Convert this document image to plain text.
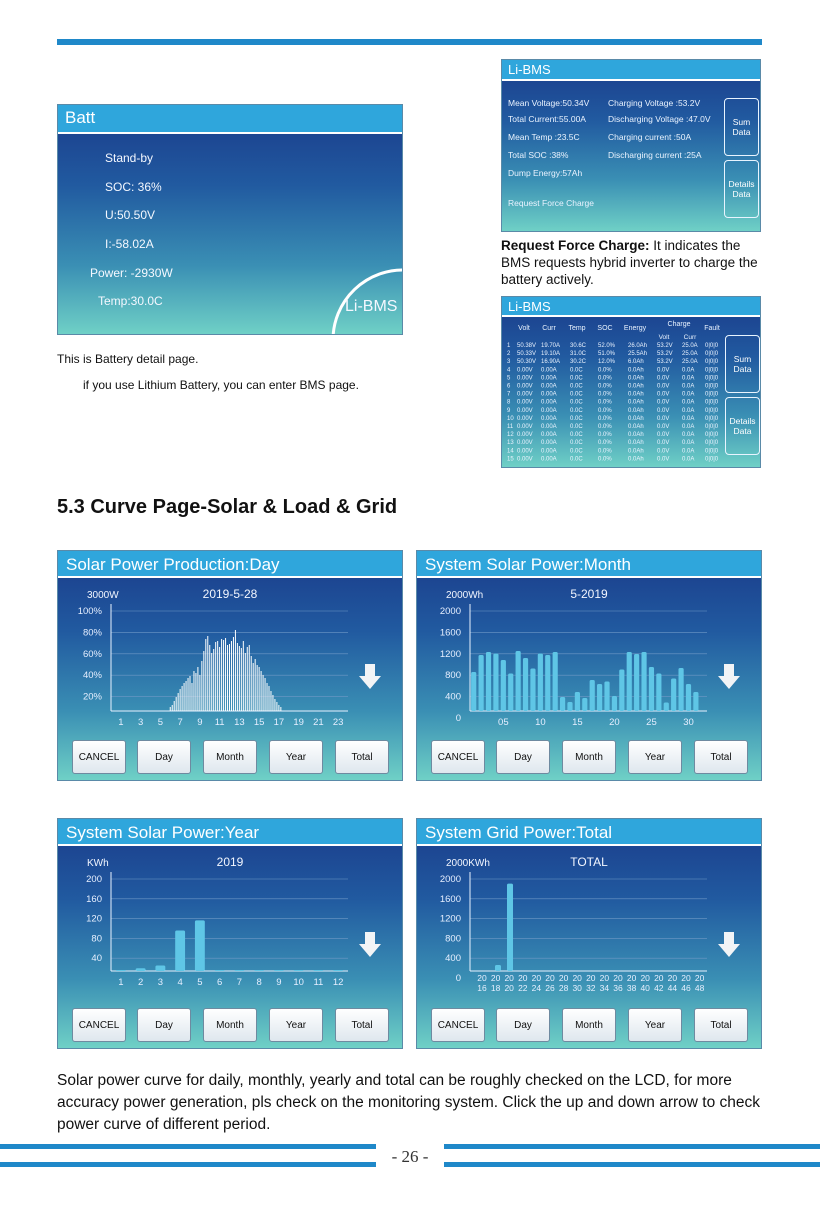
Batt
Stand-by
SOC: 36%
U:50.50V
I:-58.02A
Power: -2930W
Temp:30.0C	Li-BMS
This is Battery detail page.
if you use Lithium Battery, you can enter BMS page.
Li-BMS
Mean Voltage:50.34V
Total Current:55.00A
Mean Temp :23.5C
Total SOC :38%
Dump Energy:57Ah
Charging Voltage :53.2V
Discharging Voltage :47.0V
Charging current :50A
Discharging current :25A
Request Force Charge
Sum Data
Details Data
Request Force Charge: It indicates the BMS requests hybrid inverter to charge the battery actively.
Li-BMS
Volt Curr Temp SOC Energy
Charge
Fault
Volt Curr
1 50.38V 19.70A 30.6C 52.0% 26.0Ah 53.2V 25.0A 0|0|0
2 50.33V 19.10A 31.0C 51.0% 25.5Ah 53.2V 25.0A 0|0|0
3 50.30V 16.90A 30.2C 12.0% 6.0Ah 53.2V 25.0A 0|0|0
4 0.00V 0.00A 0.0C	0.0%	0.0Ah 0.0V 0.0A 0|0|0
5 0.00V 0.00A 0.0C	0.0%	0.0Ah 0.0V 0.0A 0|0|0
6 0.00V 0.00A 0.0C	0.0%	0.0Ah 0.0V 0.0A 0|0|0
7 0.00V 0.00A 0.0C	0.0%	0.0Ah 0.0V 0.0A 0|0|0
8 0.00V 0.00A 0.0C	0.0%	0.0Ah 0.0V 0.0A 0|0|0
9 0.00V 0.00A 0.0C	0.0%	0.0Ah 0.0V 0.0A 0|0|0
10 0.00V 0.00A 0.0C	0.0%	0.0Ah 0.0V 0.0A 0|0|0
11 0.00V 0.00A 0.0C	0.0%	0.0Ah 0.0V 0.0A 0|0|0
12 0.00V 0.00A 0.0C	0.0%	0.0Ah 0.0V 0.0A 0|0|0
13 0.00V 0.00A 0.0C	0.0%	0.0Ah 0.0V 0.0A 0|0|0
14 0.00V 0.00A 0.0C	0.0%	0.0Ah 0.0V 0.0A 0|0|0
15 0.00V 0.00A 0.0C	0.0%	0.0Ah 0.0V 0.0A 0|0|0
Sum Data
Details Data
5.3 Curve Page-Solar & Load & Grid
Solar Power Production:Day
3000W	2019-5-28
100%
80%
60%
40%
20%
1 3 5 7 9 11 13 15 17 19 21 23
CANCEL	Day	Month	Year	Total
System Solar Power:Month
2000Wh	5-2019
2000
1600
1200
800
400
0	05	10	15	20	25	30
CANCEL	Day	Month	Year	Total
System Solar Power:Year
KWh	2019
200
160
120
80
40
1 2 3 4 5 6 7 8 9 10 11 12
CANCEL	Day	Month	Year	Total
System Grid Power:Total
2000KWh	TOTAL
2000
1600
1200
800
400
0 20
16
20
18
20
20
20
22
20
24
20
26
20
28
20
30
20
32
20
34
20
36
20
38
20
40
20
42
20
44
20
46
20
48
CANCEL	Day	Month	Year	Total
Solar power curve for daily, monthly, yearly and total can be roughly checked on the LCD, for more accuracy power generation, pls check on the monitoring system. Click the up and down arrow to check power curve of different period.
- 26 -
